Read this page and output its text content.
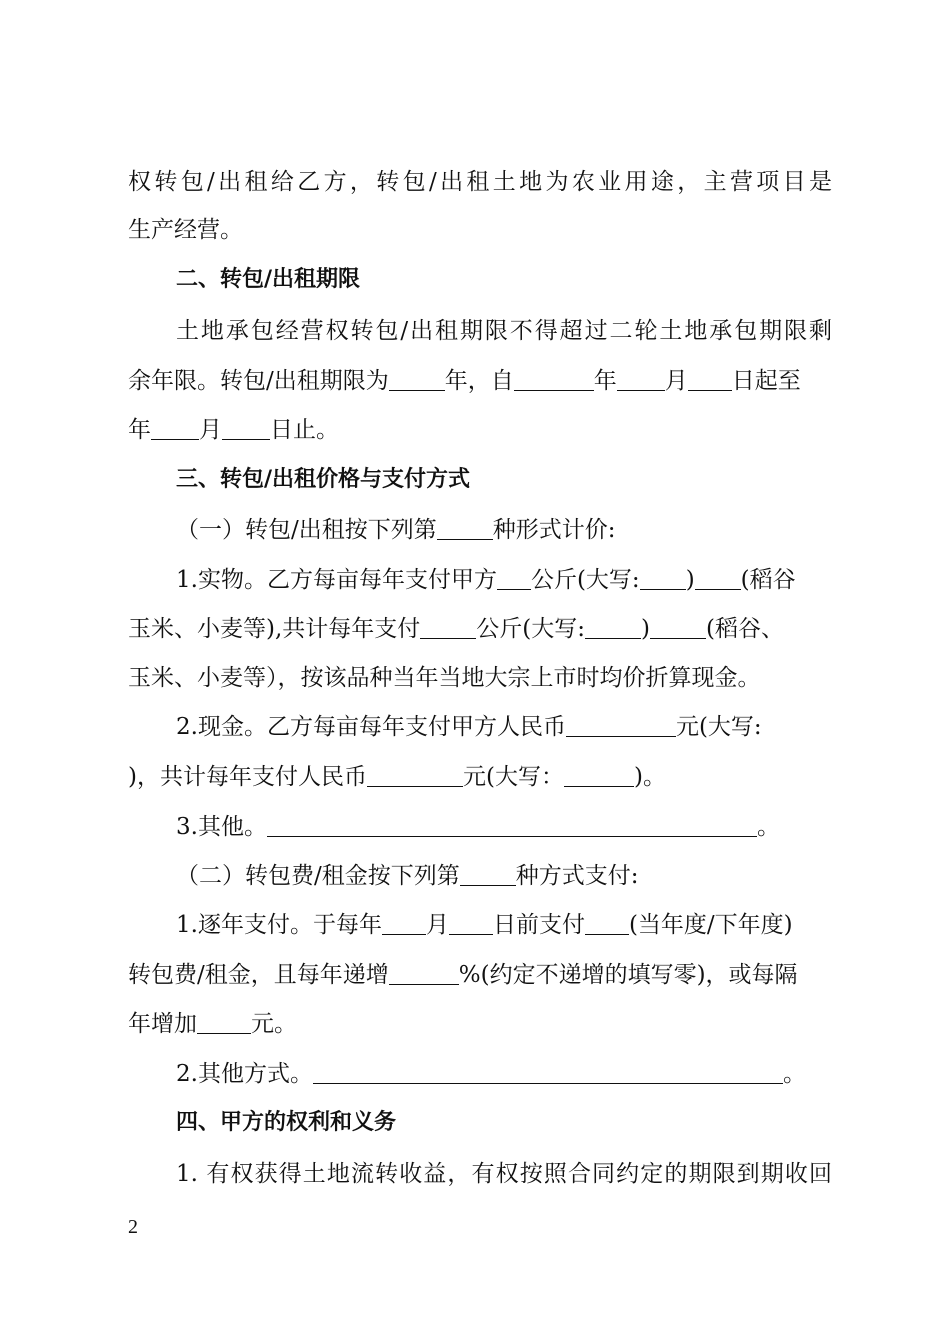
权转包/出租给乙方，转包/出租土地为农业用途，主营项目是
生产经营。
二、转包/出租期限
土地承包经营权转包/出租期限不得超过二轮土地承包期限剩
余年限。转包/出租期限为 年，自	年 月 日起至
年 月 日止。
三、转包/出租价格与支付方式
（一）转包/出租按下列第 种形式计价:
1.实物。乙方每亩每年支付甲方 公斤(大写: ) (稻谷
玉米、小麦等),共计每年支付 公斤(大写: ) (稻谷、
玉米、小麦等），按该品种当年当地大宗上市时均价折算现金。
2.现金。乙方每亩每年支付甲方人民币	元(大写:
)，共计每年支付人民币	元(大写：	)。
3.其他。	。
（二）转包费/租金按下列第 种方式支付:
1.逐年支付。于每年 月 日前支付 (当年度/下年度)
转包费/租金，且每年递增	%(约定不递增的填写零)，或每隔
年增加 元。
2.其他方式。	。
四、甲方的权利和义务
1. 有权获得土地流转收益，有权按照合同约定的期限到期收回
2
